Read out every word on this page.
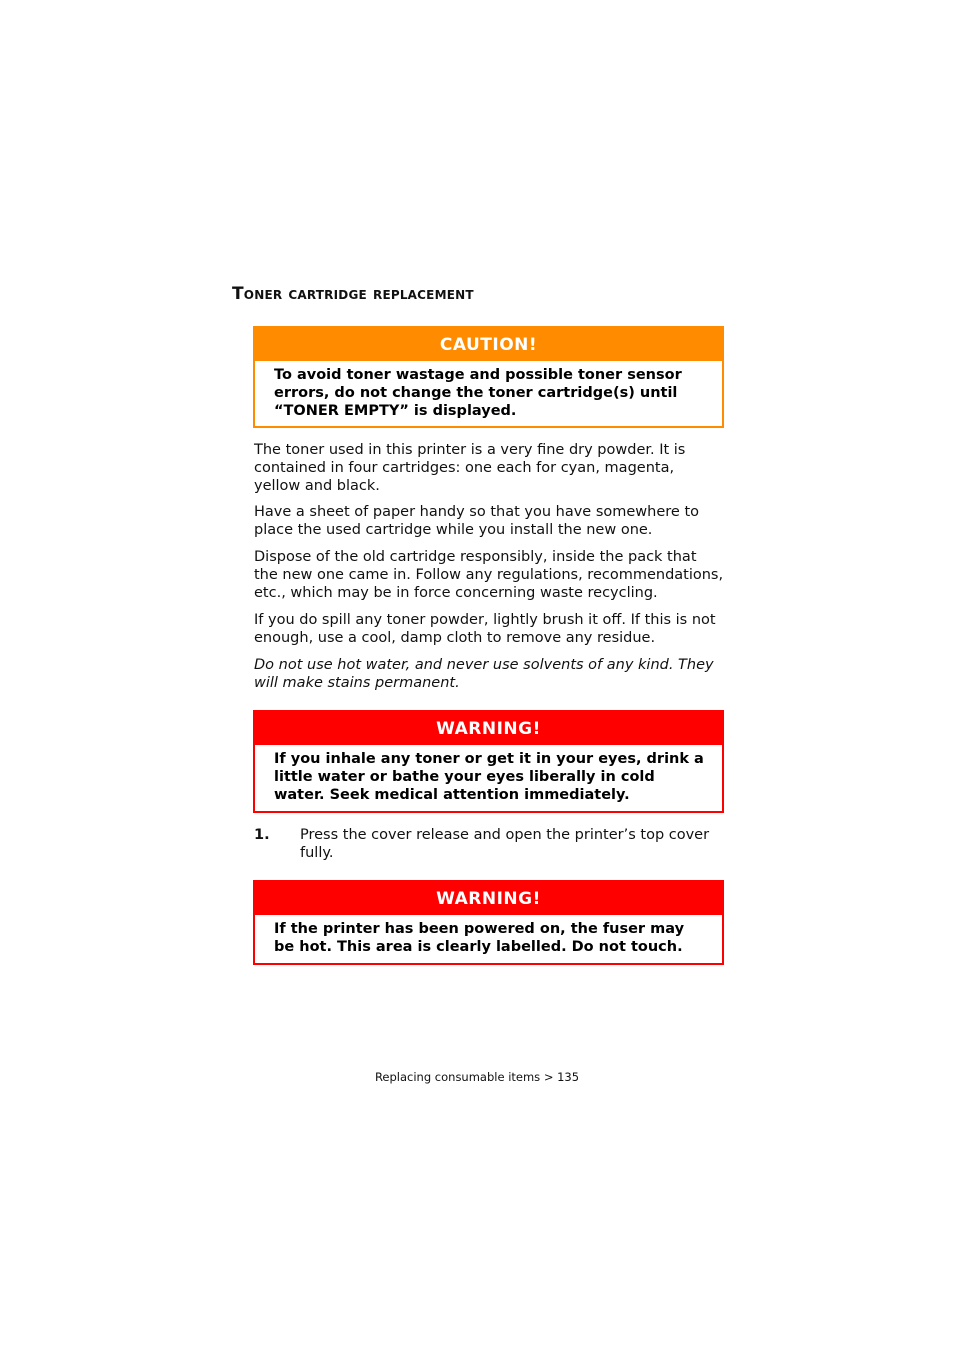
Toner cartridge replacement
CAUTION!
To avoid toner wastage and possible toner sensor errors, do not change the toner cartridge(s) until “TONER EMPTY” is displayed.

The toner used in this printer is a very fine dry powder. It is contained in four cartridges: one each for cyan, magenta, yellow and black.

Have a sheet of paper handy so that you have somewhere to place the used cartridge while you install the new one.

Dispose of the old cartridge responsibly, inside the pack that the new one came in. Follow any regulations, recommendations, etc., which may be in force concerning waste recycling.

If you do spill any toner powder, lightly brush it off. If this is not enough, use a cool, damp cloth to remove any residue.

Do not use hot water, and never use solvents of any kind. They will make stains permanent.

WARNING!
If you inhale any toner or get it in your eyes, drink a little water or bathe your eyes liberally in cold water. Seek medical attention immediately.
1.	Press the cover release and open the printer’s top cover fully.
WARNING!
If the printer has been powered on, the fuser may be hot. This area is clearly labelled. Do not touch.
Replacing consumable items > 135
